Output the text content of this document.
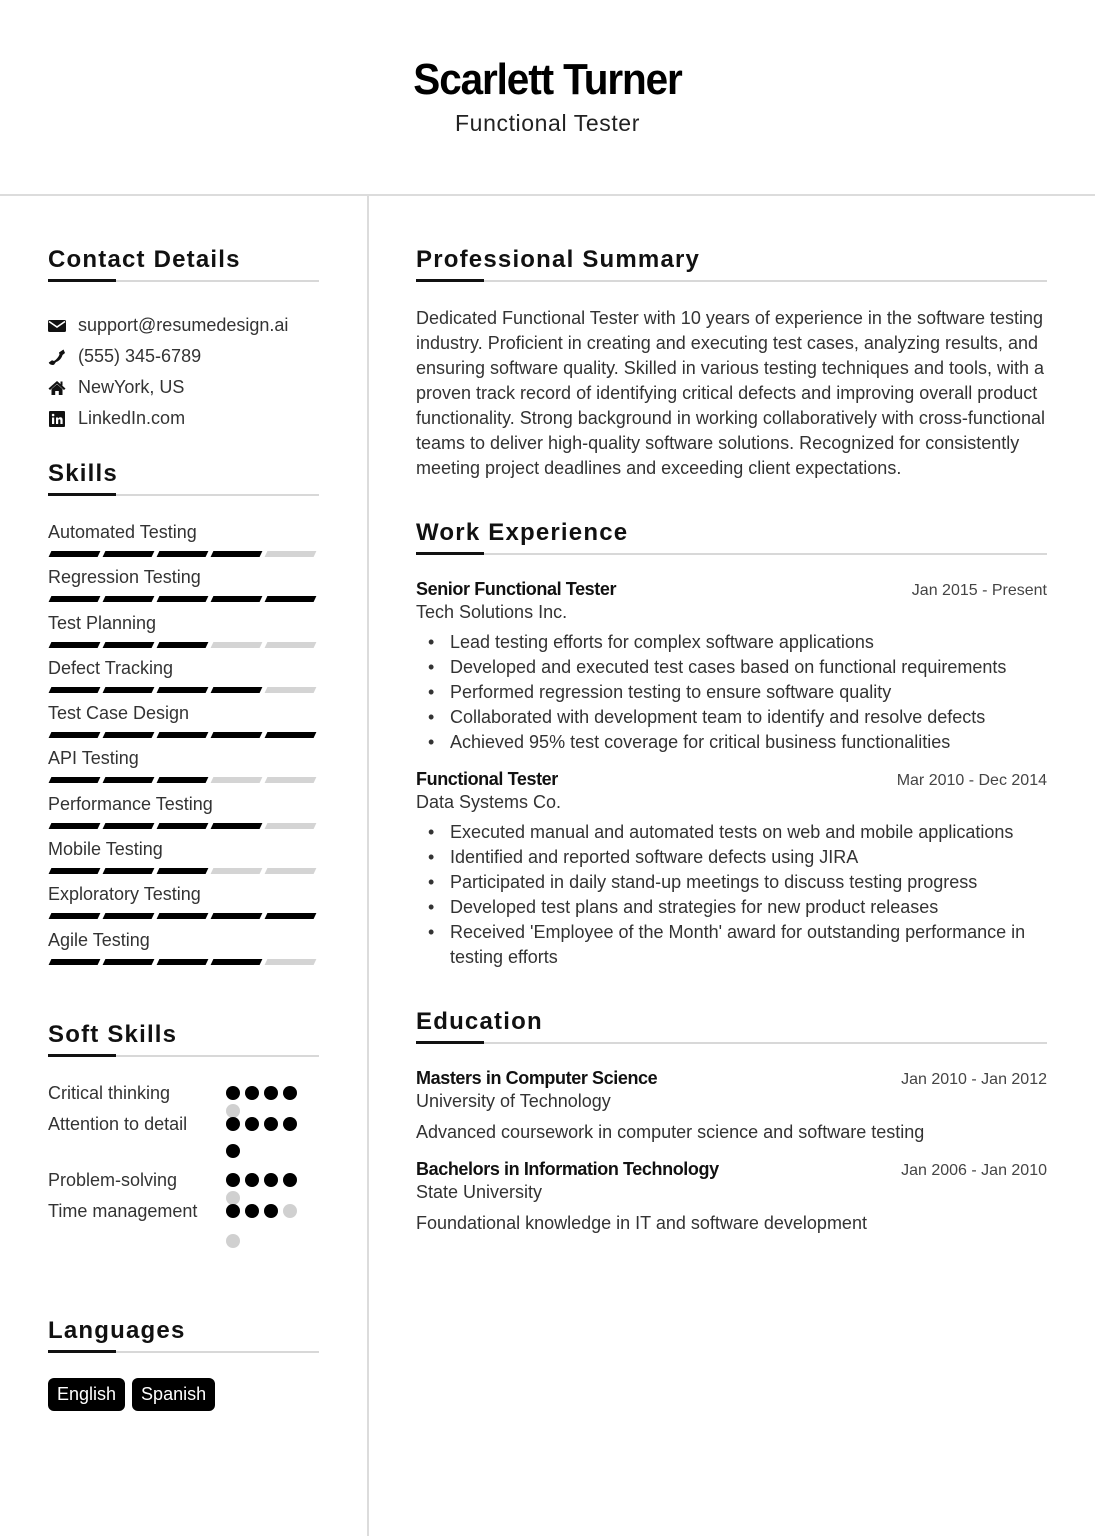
Scarlett Turner
Functional Tester
Contact Details
support@resumedesign.ai
(555) 345-6789
NewYork, US
LinkedIn.com
Skills
Automated Testing
Regression Testing
Test Planning
Defect Tracking
Test Case Design
API Testing
Performance Testing
Mobile Testing
Exploratory Testing
Agile Testing
Soft Skills
Critical thinking
Attention to detail
Problem-solving
Time management
Languages
English	Spanish
Professional Summary

Dedicated Functional Tester with 10 years of experience in the software testing industry. Proficient in creating and executing test cases, analyzing results, and ensuring software quality. Skilled in various testing techniques and tools, with a proven track record of identifying critical defects and improving overall product functionality. Strong background in working collaboratively with cross-functional teams to deliver high-quality software solutions. Recognized for consistently meeting project deadlines and exceeding client expectations.

Work Experience
Senior Functional Tester	Jan 2015 - Present
Tech Solutions Inc.
• Lead testing efforts for complex software applications
• Developed and executed test cases based on functional requirements
• Performed regression testing to ensure software quality
• Collaborated with development team to identify and resolve defects
• Achieved 95% test coverage for critical business functionalities
Functional Tester	Mar 2010 - Dec 2014
Data Systems Co.
• Executed manual and automated tests on web and mobile applications
• Identified and reported software defects using JIRA
• Participated in daily stand-up meetings to discuss testing progress
• Developed test plans and strategies for new product releases
• Received 'Employee of the Month' award for outstanding performance in testing efforts
Education
Masters in Computer Science	Jan 2010 - Jan 2012
University of Technology
Advanced coursework in computer science and software testing
Bachelors in Information Technology	Jan 2006 - Jan 2010
State University
Foundational knowledge in IT and software development
